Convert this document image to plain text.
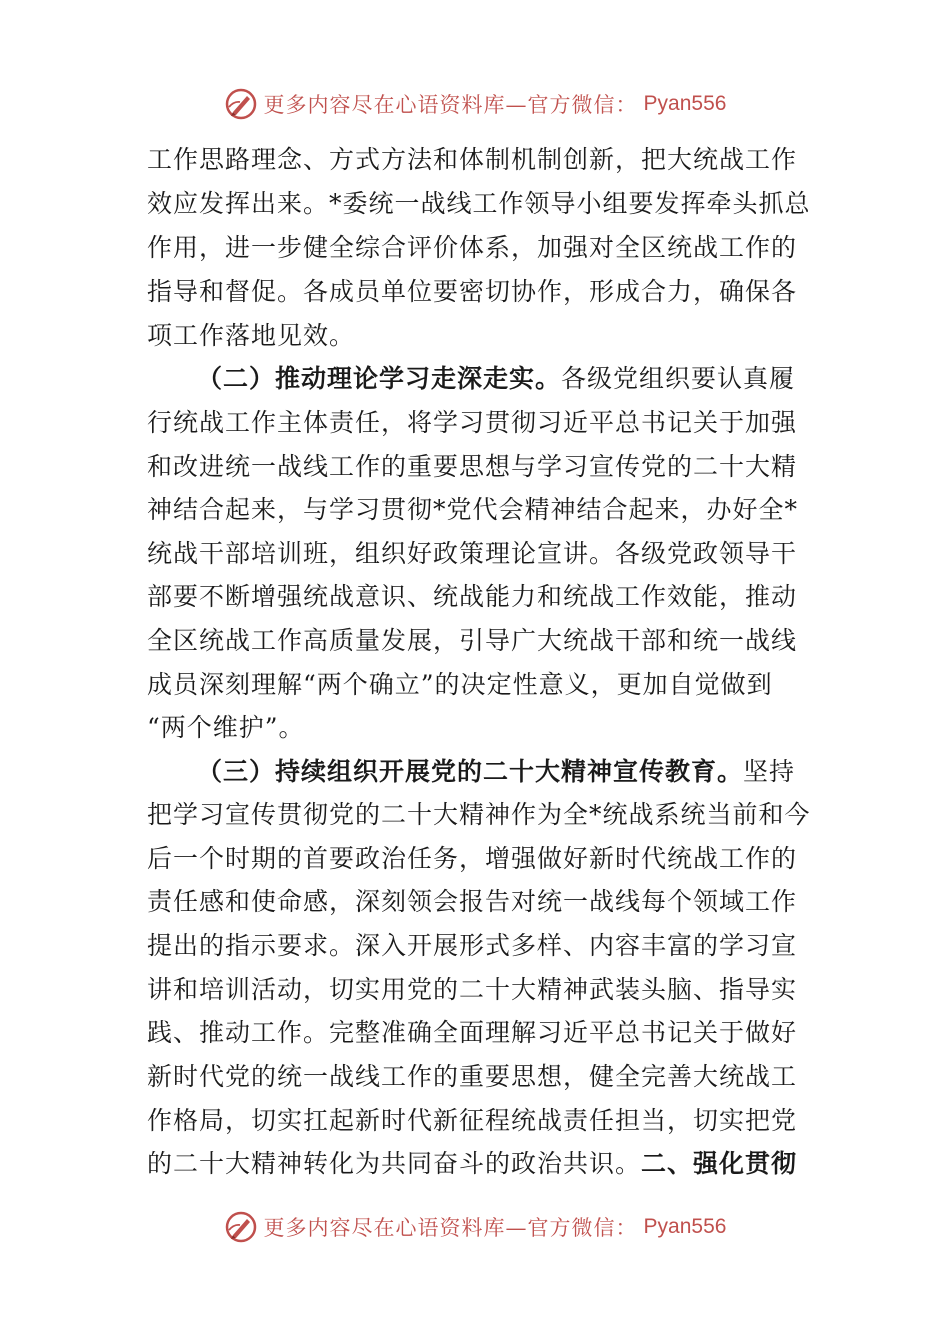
更多内容尽在心语资料库—官方微信： Pyan556
工作思路理念、方式方法和体制机制创新，把大统战工作
效应发挥出来。*委统一战线工作领导小组要发挥牵头抓总
作用，进一步健全综合评价体系，加强对全区统战工作的
指导和督促。各成员单位要密切协作，形成合力，确保各
项工作落地见效。
（二）推动理论学习走深走实。各级党组织要认真履
行统战工作主体责任，将学习贯彻习近平总书记关于加强
和改进统一战线工作的重要思想与学习宣传党的二十大精
神结合起来，与学习贯彻*党代会精神结合起来，办好全*
统战干部培训班，组织好政策理论宣讲。各级党政领导干
部要不断增强统战意识、统战能力和统战工作效能，推动
全区统战工作高质量发展，引导广大统战干部和统一战线
成员深刻理解“两个确立”的决定性意义，更加自觉做到
“两个维护”。
（三）持续组织开展党的二十大精神宣传教育。坚持
把学习宣传贯彻党的二十大精神作为全*统战系统当前和今
后一个时期的首要政治任务，增强做好新时代统战工作的
责任感和使命感，深刻领会报告对统一战线每个领域工作
提出的指示要求。深入开展形式多样、内容丰富的学习宣
讲和培训活动，切实用党的二十大精神武装头脑、指导实
践、推动工作。完整准确全面理解习近平总书记关于做好
新时代党的统一战线工作的重要思想，健全完善大统战工
作格局，切实扛起新时代新征程统战责任担当，切实把党
的二十大精神转化为共同奋斗的政治共识。二、强化贯彻
更多内容尽在心语资料库—官方微信： Pyan556
